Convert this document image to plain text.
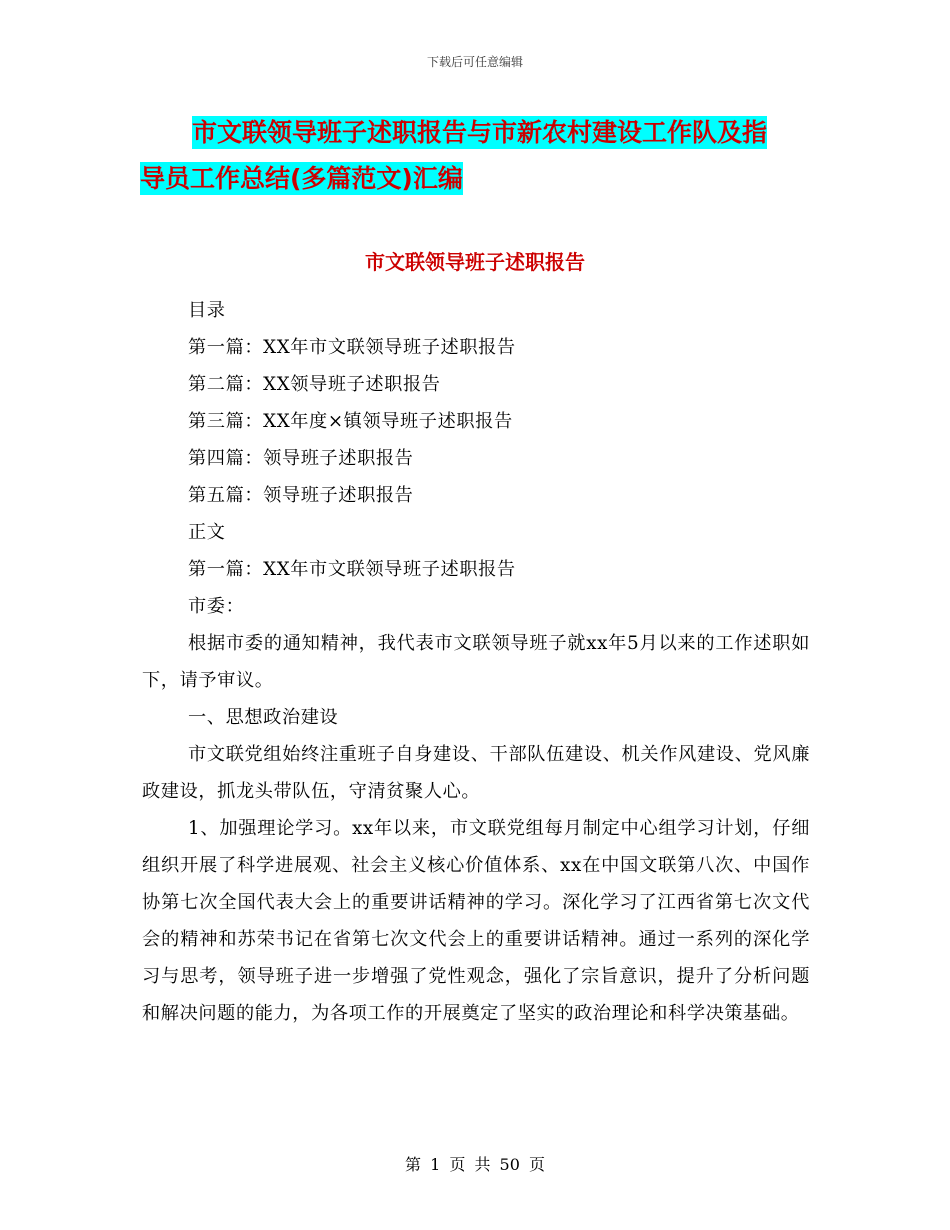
下载后可任意编辑
市文联领导班子述职报告与市新农村建设工作队及指
导员工作总结(多篇范文)汇编
市文联领导班子述职报告

目录

第一篇：XX年市文联领导班子述职报告

第二篇：XX领导班子述职报告

第三篇：XX年度×镇领导班子述职报告

第四篇：领导班子述职报告

第五篇：领导班子述职报告

正文

第一篇：XX年市文联领导班子述职报告

市委：

根据市委的通知精神，我代表市文联领导班子就xx年5月以来的工作述职如下，请予审议。

一、思想政治建设

市文联党组始终注重班子自身建设、干部队伍建设、机关作风建设、党风廉政建设，抓龙头带队伍，守清贫聚人心。

1、加强理论学习。xx年以来，市文联党组每月制定中心组学习计划，仔细组织开展了科学进展观、社会主义核心价值体系、xx在中国文联第八次、中国作协第七次全国代表大会上的重要讲话精神的学习。深化学习了江西省第七次文代会的精神和苏荣书记在省第七次文代会上的重要讲话精神。通过一系列的深化学习与思考，领导班子进一步增强了党性观念，强化了宗旨意识，提升了分析问题和解决问题的能力，为各项工作的开展奠定了坚实的政治理论和科学决策基础。

第 1 页 共 50 页
